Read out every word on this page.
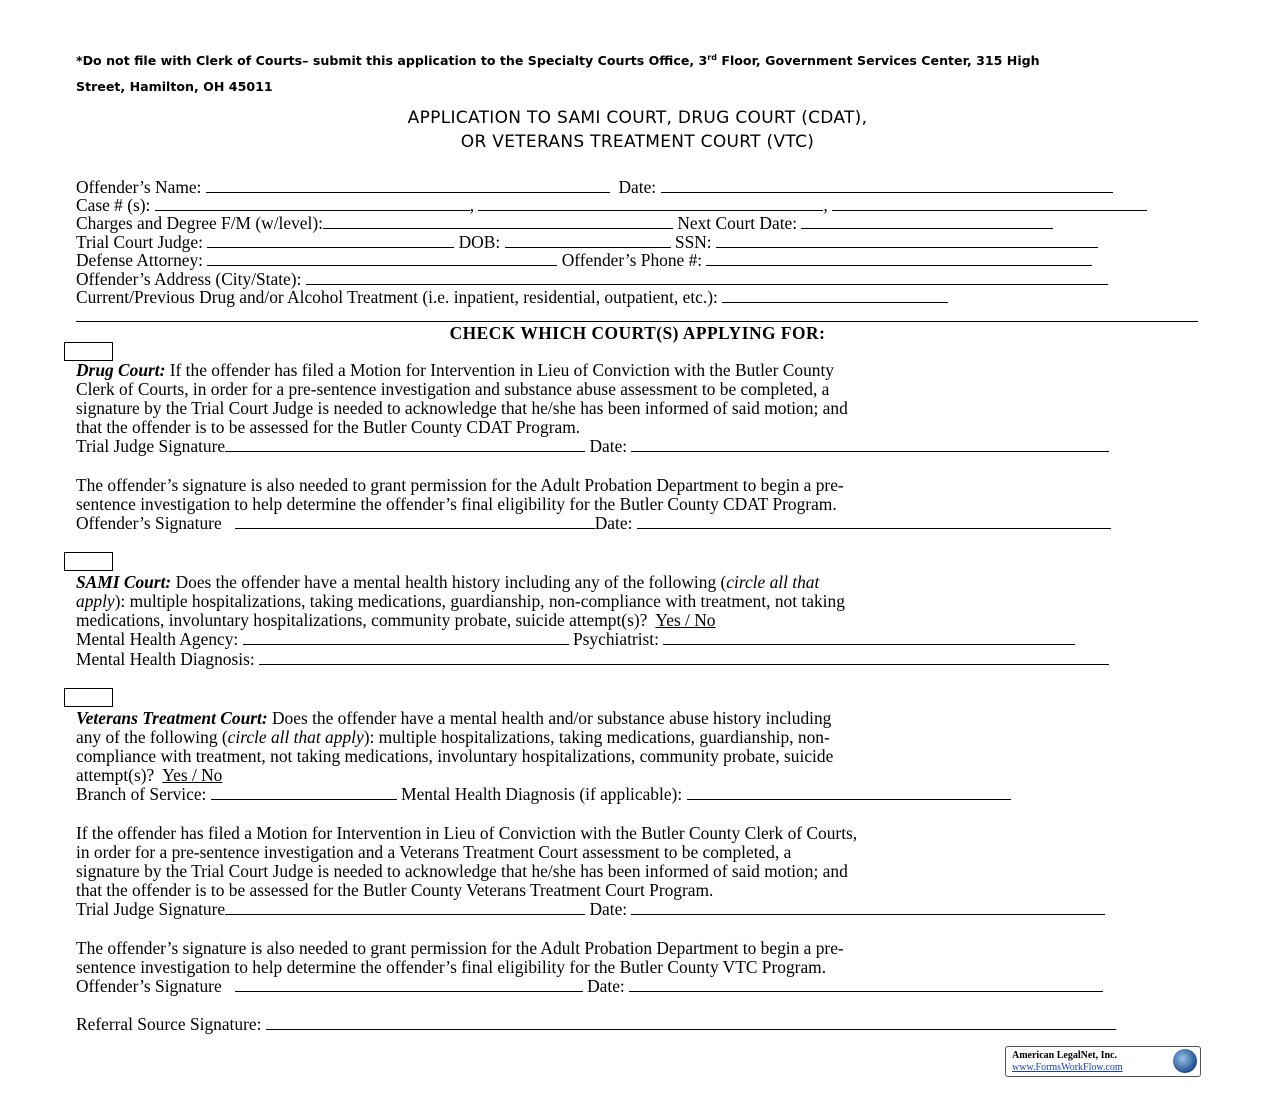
*Do not file with Clerk of Courts– submit this application to the Specialty Courts Office, 3rd Floor, Government Services Center, 315 High
Street, Hamilton, OH 45011
APPLICATION TO SAMI COURT, DRUG COURT (CDAT),
OR VETERANS TREATMENT COURT (VTC)
Offender’s Name:	Date:
Case # (s):	,	,
Charges and Degree F/M (w/level):	Next Court Date:
Trial Court Judge:	DOB:	SSN:
Defense Attorney:	Offender’s Phone #:
Offender’s Address (City/State):
Current/Previous Drug and/or Alcohol Treatment (i.e. inpatient, residential, outpatient, etc.):
CHECK WHICH COURT(S) APPLYING FOR:
Drug Court: If the offender has filed a Motion for Intervention in Lieu of Conviction with the Butler County
Clerk of Courts, in order for a pre-sentence investigation and substance abuse assessment to be completed, a
signature by the Trial Court Judge is needed to acknowledge that he/she has been informed of said motion; and
that the offender is to be assessed for the Butler County CDAT Program.
Trial Judge Signature	Date:
The offender’s signature is also needed to grant permission for the Adult Probation Department to begin a pre-
sentence investigation to help determine the offender’s final eligibility for the Butler County CDAT Program.
Offender’s Signature	Date:
SAMI Court: Does the offender have a mental health history including any of the following (circle all that
apply): multiple hospitalizations, taking medications, guardianship, non-compliance with treatment, not taking
medications, involuntary hospitalizations, community probate, suicide attempt(s)? Yes / No
Mental Health Agency:	Psychiatrist:
Mental Health Diagnosis:
Veterans Treatment Court: Does the offender have a mental health and/or substance abuse history including
any of the following (circle all that apply): multiple hospitalizations, taking medications, guardianship, non-
compliance with treatment, not taking medications, involuntary hospitalizations, community probate, suicide
attempt(s)? Yes / No
Branch of Service:	Mental Health Diagnosis (if applicable):
If the offender has filed a Motion for Intervention in Lieu of Conviction with the Butler County Clerk of Courts,
in order for a pre-sentence investigation and a Veterans Treatment Court assessment to be completed, a
signature by the Trial Court Judge is needed to acknowledge that he/she has been informed of said motion; and
that the offender is to be assessed for the Butler County Veterans Treatment Court Program.
Trial Judge Signature	Date:
The offender’s signature is also needed to grant permission for the Adult Probation Department to begin a pre-
sentence investigation to help determine the offender’s final eligibility for the Butler County VTC Program.
Offender’s Signature	Date:
Referral Source Signature:
American LegalNet, Inc.
www.FormsWorkFlow.com
